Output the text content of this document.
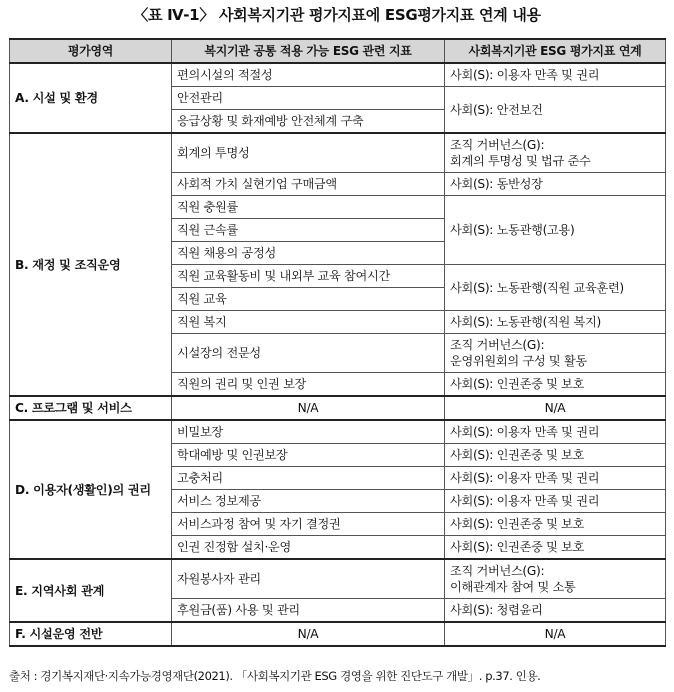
〈표 Ⅳ-1〉 사회복지기관 평가지표에 ESG평가지표 연계 내용
평가영역	복지기관 공통 적용 가능 ESG 관련 지표	사회복지기관 ESG 평가지표 연계
A. 시설 및 환경	편의시설의 적절성	사회(S): 이용자 만족 및 권리
	안전관리	사회(S): 안전보건
	응급상황 및 화재예방 안전체계 구축	
B. 재정 및 조직운영	회계의 투명성	조직 거버넌스(G):
회계의 투명성 및 법규 준수

	사회적 가치 실현기업 구매금액	사회(S): 동반성장
	직원 충원률	사회(S): 노동관행(고용)
	직원 근속률	
	직원 채용의 공정성	
	직원 교육활동비 및 내외부 교육 참여시간	사회(S): 노동관행(직원 교육훈련)
	직원 교육	
	직원 복지	사회(S): 노동관행(직원 복지)
	시설장의 전문성	조직 거버넌스(G):
운영위원회의 구성 및 활동

	직원의 권리 및 인권 보장	사회(S): 인권존중 및 보호
C. 프로그램 및 서비스	N/A	N/A
D. 이용자(생활인)의 권리	비밀보장	사회(S): 이용자 만족 및 권리
	학대예방 및 인권보장	사회(S): 인권존중 및 보호
	고충처리	사회(S): 이용자 만족 및 권리
	서비스 정보제공	사회(S): 이용자 만족 및 권리
	서비스과정 참여 및 자기 결정권	사회(S): 인권존중 및 보호
	인권 진정함 설치·운영	사회(S): 인권존중 및 보호
E. 지역사회 관계	자원봉사자 관리	조직 거버넌스(G):
이해관계자 참여 및 소통

	후원금(품) 사용 및 관리	사회(S): 청렴윤리
F. 시설운영 전반	N/A	N/A
출처 : 경기복지재단·지속가능경영재단(2021). 「사회복지기관 ESG 경영을 위한 진단도구 개발」. p.37. 인용.
